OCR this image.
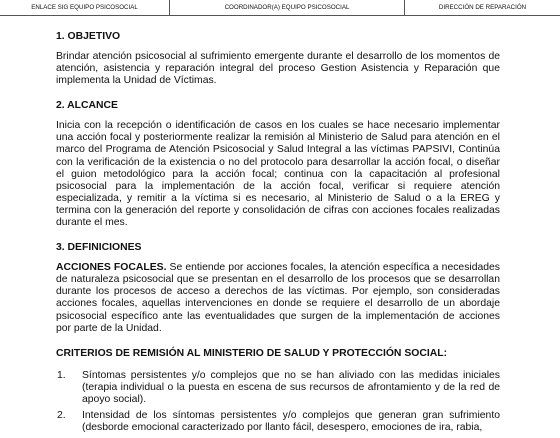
ENLACE SIG EQUIPO PSICOSOCIAL	COORDINADOR(A) EQUIPO PSICOSOCIAL	DIRECCIÓN DE REPARACIÓN
1. OBJETIVO

Brindar atención psicosocial al sufrimiento emergente durante el desarrollo de los momentos de atención, asistencia y reparación integral del proceso Gestion Asistencia y Reparación que implementa la Unidad de Víctimas.

2. ALCANCE

Inicia con la recepción o identificación de casos en los cuales se hace necesario implementar una acción focal y posteriormente realizar la remisión al Ministerio de Salud para atención en el marco del Programa de Atención Psicosocial y Salud Integral a las víctimas PAPSIVI, Continúa con la verificación de la existencia o no del protocolo para desarrollar la acción focal, o diseñar el guion metodológico para la acción focal; continua con la capacitación al profesional psicosocial para la implementación de la acción focal, verificar si requiere atención especializada, y remitir a la víctima si es necesario, al Ministerio de Salud o a la EREG y termina con la generación del reporte y consolidación de cifras con acciones focales realizadas durante el mes.

3. DEFINICIONES

ACCIONES FOCALES. Se entiende por acciones focales, la atención específica a necesidades de naturaleza psicosocial que se presentan en el desarrollo de los procesos que se desarrollan durante los procesos de acceso a derechos de las víctimas. Por ejemplo, son consideradas acciones focales, aquellas intervenciones en donde se requiere el desarrollo de un abordaje psicosocial específico ante las eventualidades que surgen de la implementación de acciones por parte de la Unidad.

CRITERIOS DE REMISIÓN AL MINISTERIO DE SALUD Y PROTECCIÓN SOCIAL:
1.	Síntomas persistentes y/o complejos que no se han aliviado con las medidas iniciales (terapia individual o la puesta en escena de sus recursos de afrontamiento y de la red de apoyo social).
2.	Intensidad de los síntomas persistentes y/o complejos que generan gran sufrimiento (desborde emocional caracterizado por llanto fácil, desespero, emociones de ira, rabia,
